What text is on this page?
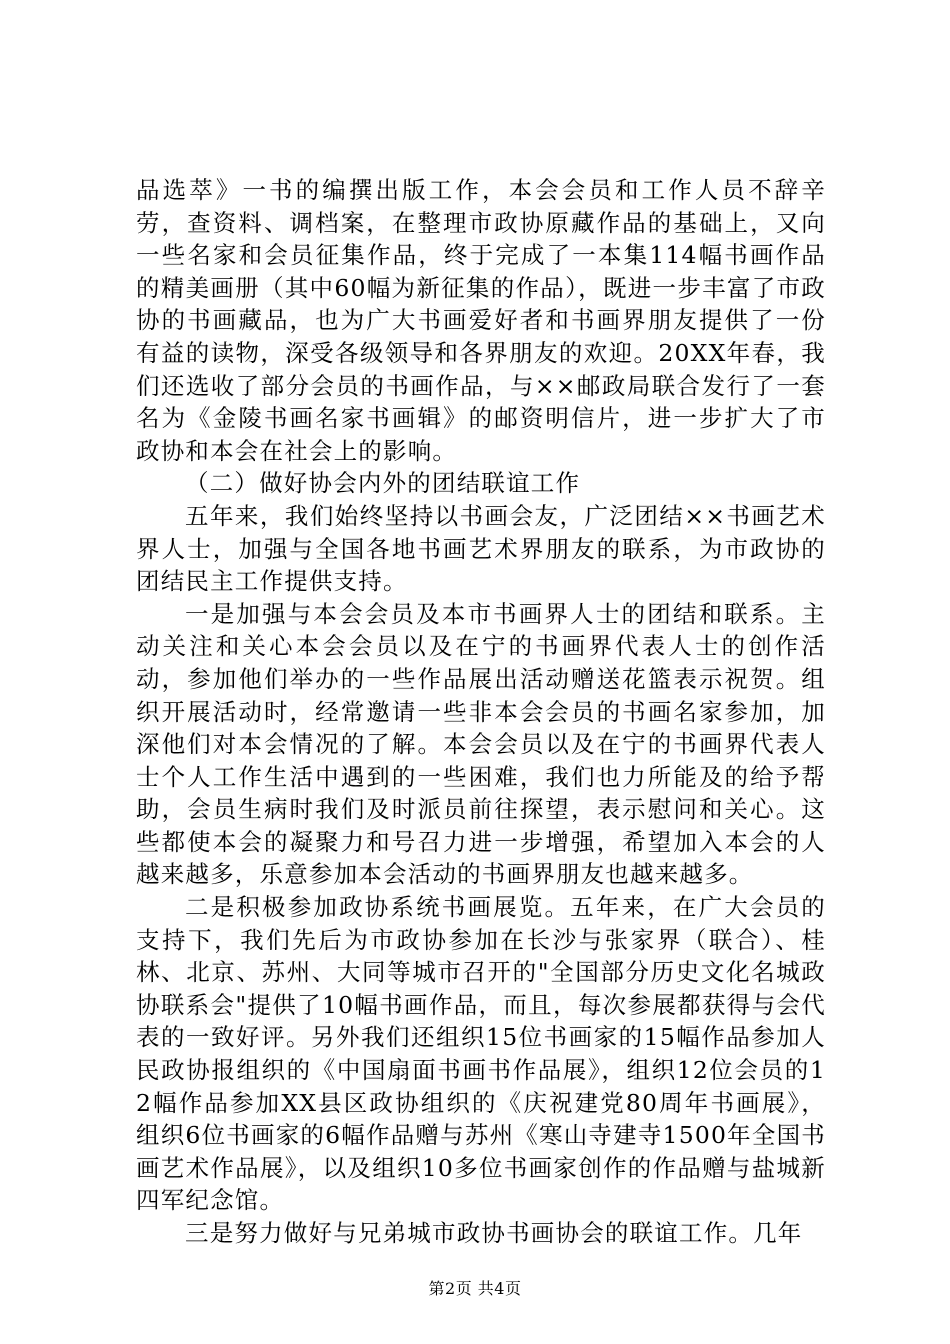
品选萃》一书的编撰出版工作，本会会员和工作人员不辞辛劳，查资料、调档案，在整理市政协原藏作品的基础上，又向一些名家和会员征集作品，终于完成了一本集114幅书画作品的精美画册（其中60幅为新征集的作品），既进一步丰富了市政协的书画藏品，也为广大书画爱好者和书画界朋友提供了一份有益的读物，深受各级领导和各界朋友的欢迎。20XX年春，我们还选收了部分会员的书画作品，与××邮政局联合发行了一套名为《金陵书画名家书画辑》的邮资明信片，进一步扩大了市政协和本会在社会上的影响。

（二）做好协会内外的团结联谊工作

五年来，我们始终坚持以书画会友，广泛团结××书画艺术界人士，加强与全国各地书画艺术界朋友的联系，为市政协的团结民主工作提供支持。

一是加强与本会会员及本市书画界人士的团结和联系。主动关注和关心本会会员以及在宁的书画界代表人士的创作活动，参加他们举办的一些作品展出活动赠送花篮表示祝贺。组织开展活动时，经常邀请一些非本会会员的书画名家参加，加深他们对本会情况的了解。本会会员以及在宁的书画界代表人士个人工作生活中遇到的一些困难，我们也力所能及的给予帮助，会员生病时我们及时派员前往探望，表示慰问和关心。这些都使本会的凝聚力和号召力进一步增强，希望加入本会的人越来越多，乐意参加本会活动的书画界朋友也越来越多。

二是积极参加政协系统书画展览。五年来，在广大会员的支持下，我们先后为市政协参加在长沙与张家界（联合）、桂林、北京、苏州、大同等城市召开的"全国部分历史文化名城政协联系会"提供了10幅书画作品，而且，每次参展都获得与会代表的一致好评。另外我们还组织15位书画家的15幅作品参加人民政协报组织的《中国扇面书画书作品展》，组织12位会员的12幅作品参加XX县区政协组织的《庆祝建党80周年书画展》，组织6位书画家的6幅作品赠与苏州《寒山寺建寺1500年全国书画艺术作品展》，以及组织10多位书画家创作的作品赠与盐城新四军纪念馆。

三是努力做好与兄弟城市政协书画协会的联谊工作。几年

第2页 共4页
